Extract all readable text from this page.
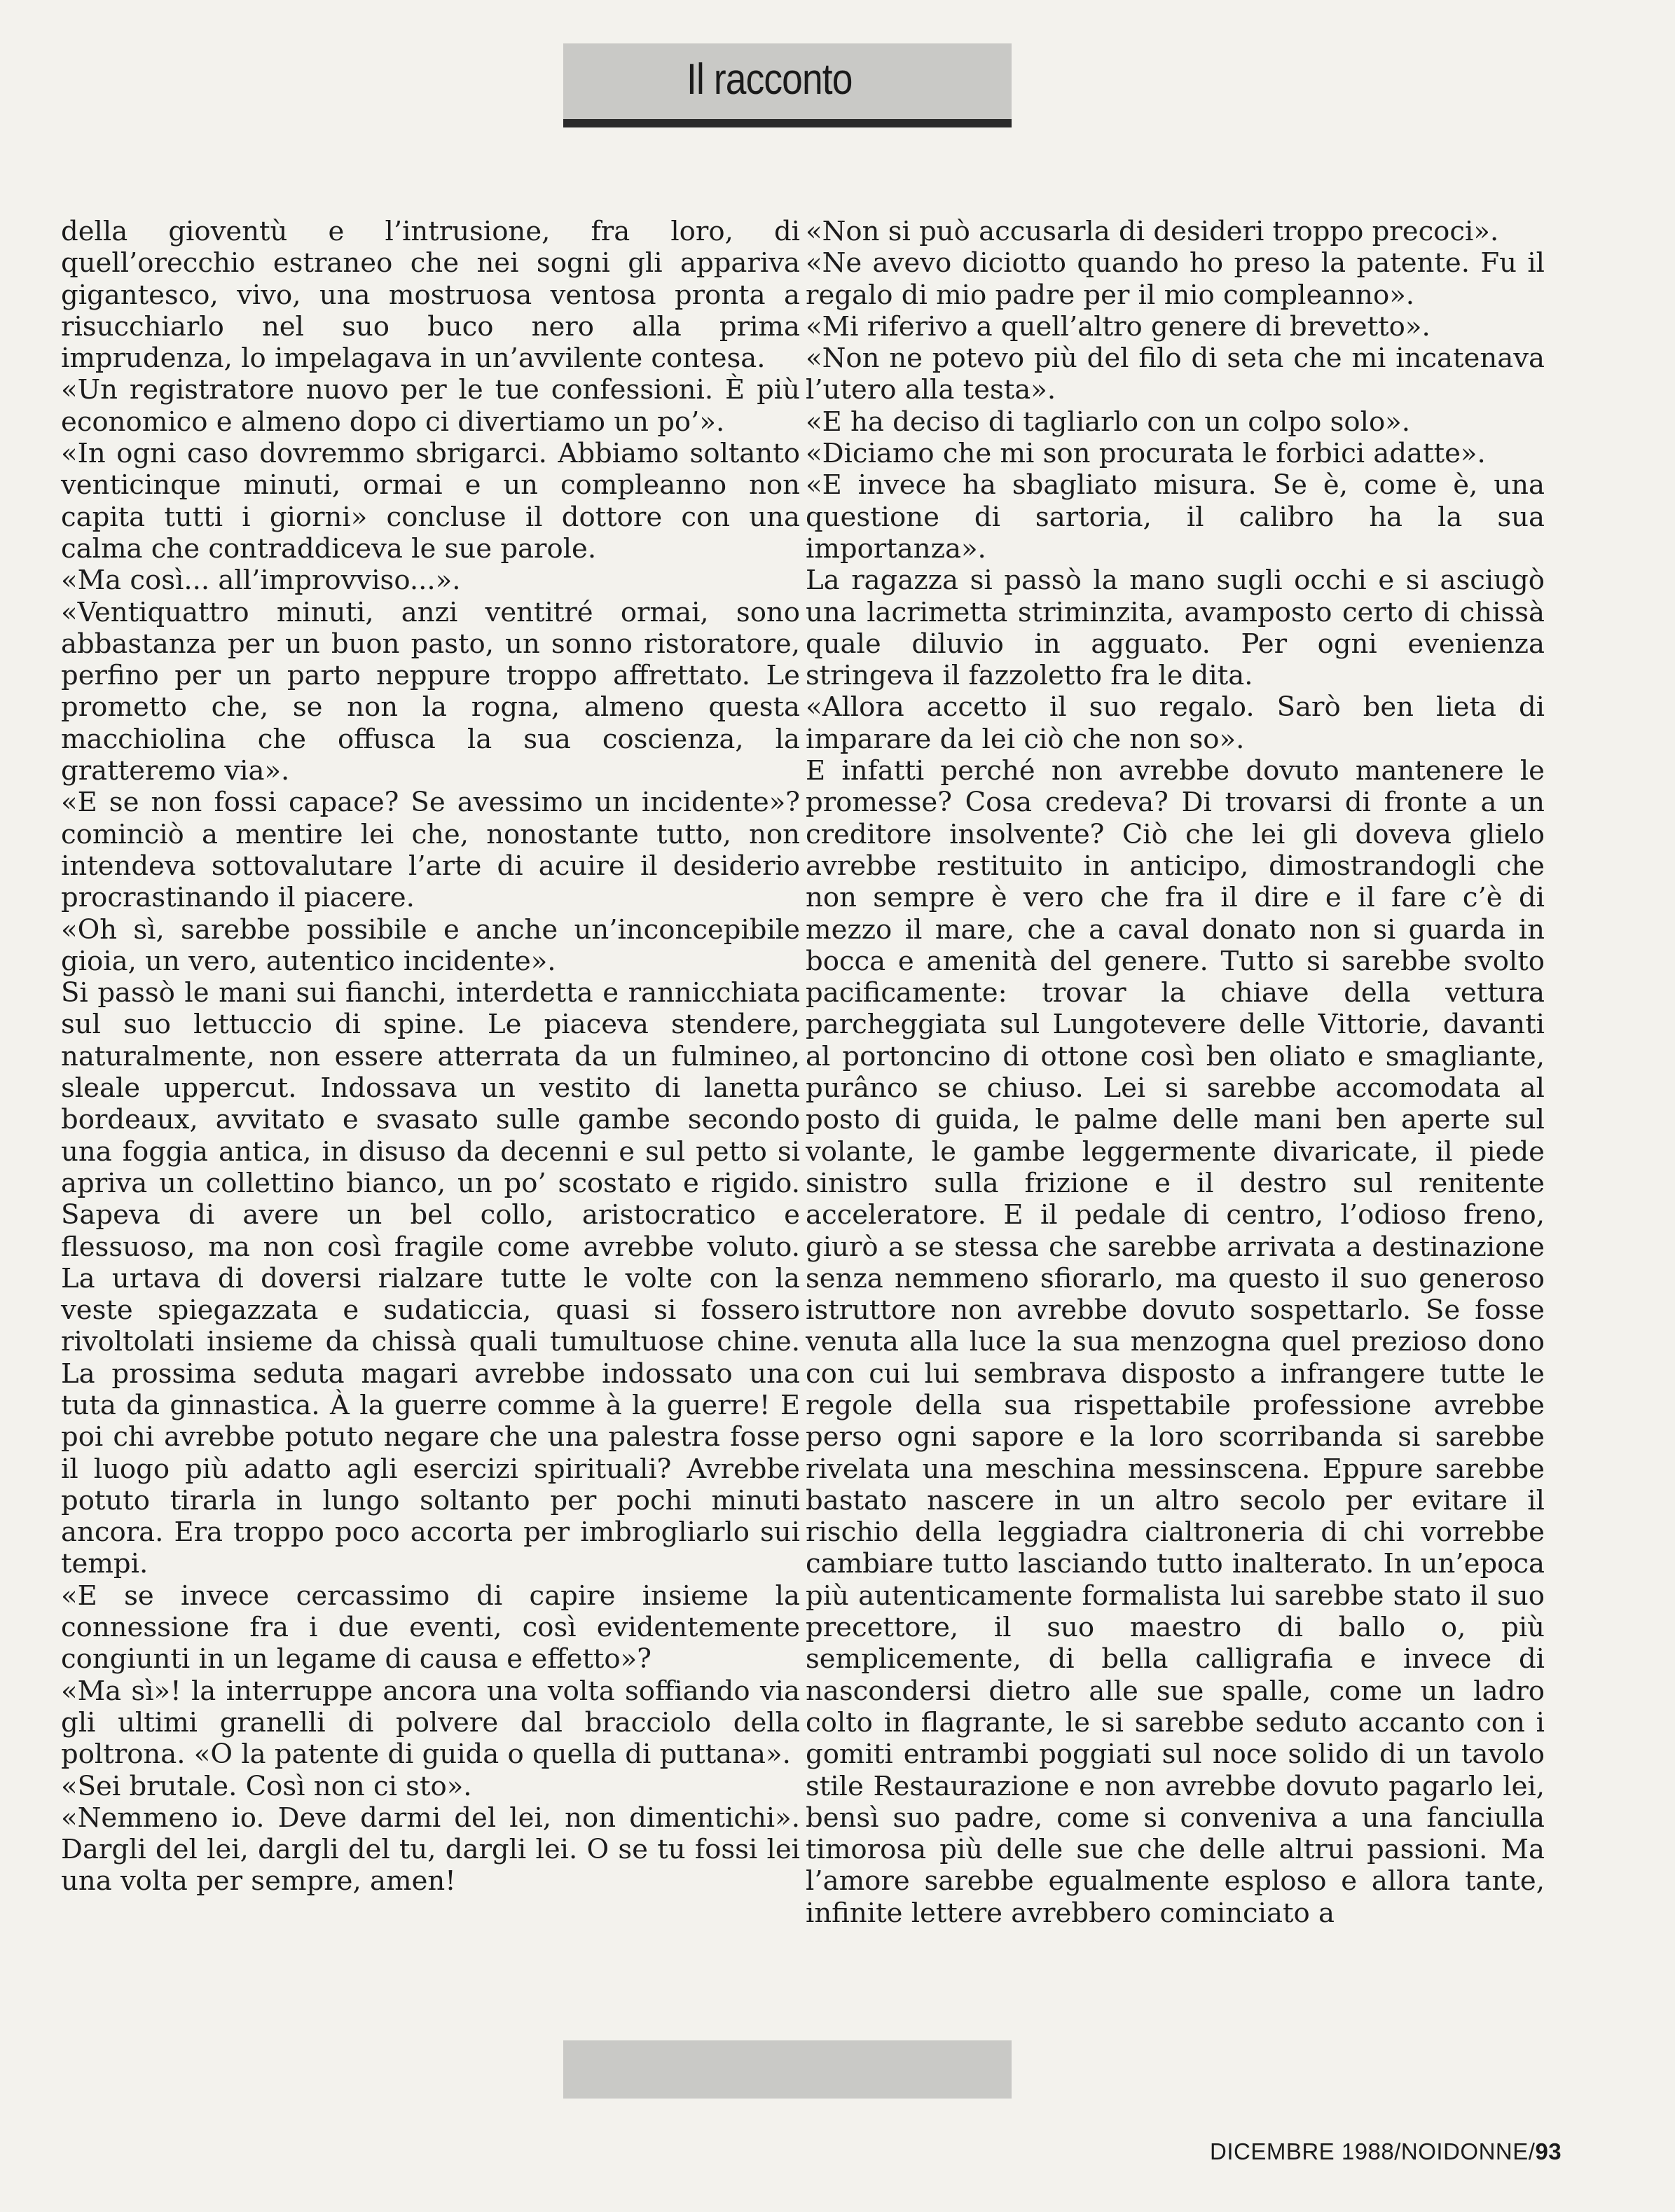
Il racconto

della gioventù e l’intrusione, fra loro, di quell’orecchio estraneo che nei sogni gli appariva gigantesco, vivo, una mostruosa ventosa pronta a risucchiarlo nel suo buco nero alla prima imprudenza, lo impelagava in un’avvilente contesa.

«Un registratore nuovo per le tue confessioni. È più economico e almeno dopo ci divertiamo un po’».

«In ogni caso dovremmo sbrigarci. Abbiamo soltanto venticinque minuti, ormai e un compleanno non capita tutti i giorni» concluse il dottore con una calma che contraddiceva le sue parole.

«Ma così... all’improvviso...».

«Ventiquattro minuti, anzi ventitré ormai, sono abbastanza per un buon pasto, un sonno ristoratore, perfino per un parto neppure troppo affrettato. Le prometto che, se non la rogna, almeno questa macchiolina che offusca la sua coscienza, la gratteremo via».

«E se non fossi capace? Se avessimo un incidente»? cominciò a mentire lei che, nonostante tutto, non intendeva sottovalutare l’arte di acuire il desiderio procrastinando il piacere.

«Oh sì, sarebbe possibile e anche un’inconcepibile gioia, un vero, autentico incidente».

Si passò le mani sui fianchi, interdetta e rannicchiata sul suo lettuccio di spine. Le piaceva stendere, naturalmente, non essere atterrata da un fulmineo, sleale uppercut. Indossava un vestito di lanetta bordeaux, avvitato e svasato sulle gambe secondo una foggia antica, in disuso da decenni e sul petto si apriva un collettino bianco, un po’ scostato e rigido. Sapeva di avere un bel collo, aristocratico e flessuoso, ma non così fragile come avrebbe voluto. La urtava di doversi rialzare tutte le volte con la veste spiegazzata e sudaticcia, quasi si fossero rivoltolati insieme da chissà quali tumultuose chine. La prossima seduta magari avrebbe indossato una tuta da ginnastica. À la guerre comme à la guerre! E poi chi avrebbe potuto negare che una palestra fosse il luogo più adatto agli esercizi spirituali? Avrebbe potuto tirarla in lungo soltanto per pochi minuti ancora. Era troppo poco accorta per imbrogliarlo sui tempi.

«E se invece cercassimo di capire insieme la connessione fra i due eventi, così evidentemente congiunti in un legame di causa e effetto»?

«Ma sì»! la interruppe ancora una volta soffiando via gli ultimi granelli di polvere dal bracciolo della poltrona. «O la patente di guida o quella di puttana».

«Sei brutale. Così non ci sto».

«Nemmeno io. Deve darmi del lei, non dimentichi». Dargli del lei, dargli del tu, dargli lei. O se tu fossi lei una volta per sempre, amen!

«Non si può accusarla di desideri troppo precoci».

«Ne avevo diciotto quando ho preso la patente. Fu il regalo di mio padre per il mio compleanno».

«Mi riferivo a quell’altro genere di brevetto».

«Non ne potevo più del filo di seta che mi incatenava l’utero alla testa».

«E ha deciso di tagliarlo con un colpo solo».

«Diciamo che mi son procurata le forbici adatte».

«E invece ha sbagliato misura. Se è, come è, una questione di sartoria, il calibro ha la sua importanza».

La ragazza si passò la mano sugli occhi e si asciugò una lacrimetta striminzita, avamposto certo di chissà quale diluvio in agguato. Per ogni evenienza stringeva il fazzoletto fra le dita.

«Allora accetto il suo regalo. Sarò ben lieta di imparare da lei ciò che non so».

E infatti perché non avrebbe dovuto mantenere le promesse? Cosa credeva? Di trovarsi di fronte a un creditore insolvente? Ciò che lei gli doveva glielo avrebbe restituito in anticipo, dimostrandogli che non sempre è vero che fra il dire e il fare c’è di mezzo il mare, che a caval donato non si guarda in bocca e amenità del genere. Tutto si sarebbe svolto pacificamente: trovar la chiave della vettura parcheggiata sul Lungotevere delle Vittorie, davanti al portoncino di ottone così ben oliato e smagliante, purânco se chiuso. Lei si sarebbe accomodata al posto di guida, le palme delle mani ben aperte sul volante, le gambe leggermente divaricate, il piede sinistro sulla frizione e il destro sul renitente acceleratore. E il pedale di centro, l’odioso freno, giurò a se stessa che sarebbe arrivata a destinazione senza nemmeno sfiorarlo, ma questo il suo generoso istruttore non avrebbe dovuto sospettarlo. Se fosse venuta alla luce la sua menzogna quel prezioso dono con cui lui sembrava disposto a infrangere tutte le regole della sua rispettabile professione avrebbe perso ogni sapore e la loro scorribanda si sarebbe rivelata una meschina messinscena. Eppure sarebbe bastato nascere in un altro secolo per evitare il rischio della leggiadra cialtroneria di chi vorrebbe cambiare tutto lasciando tutto inalterato. In un’epoca più autenticamente formalista lui sarebbe stato il suo precettore, il suo maestro di ballo o, più semplicemente, di bella calligrafia e invece di nascondersi dietro alle sue spalle, come un ladro colto in flagrante, le si sarebbe seduto accanto con i gomiti entrambi poggiati sul noce solido di un tavolo stile Restaurazione e non avrebbe dovuto pagarlo lei, bensì suo padre, come si conveniva a una fanciulla timorosa più delle sue che delle altrui passioni. Ma l’amore sarebbe egualmente esploso e allora tante, infinite lettere avrebbero cominciato a

DICEMBRE 1988/NOIDONNE/93
